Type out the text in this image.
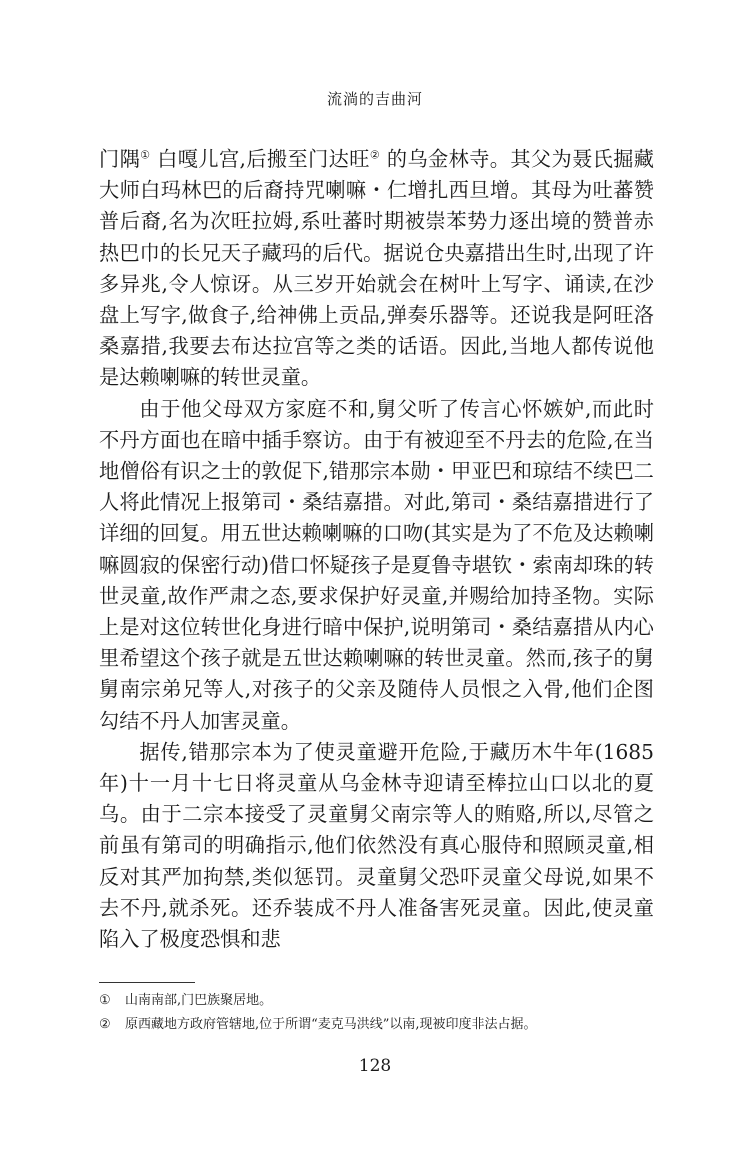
流淌的吉曲河

门隅① 白嘎儿宫,后搬至门达旺② 的乌金林寺。其父为聂氏掘藏大师白玛林巴的后裔持咒喇嘛・仁增扎西旦增。其母为吐蕃赞普后裔,名为次旺拉姆,系吐蕃时期被崇苯势力逐出境的赞普赤热巴巾的长兄天子藏玛的后代。据说仓央嘉措出生时,出现了许多异兆,令人惊讶。从三岁开始就会在树叶上写字、诵读,在沙盘上写字,做食子,给神佛上贡品,弹奏乐器等。还说我是阿旺洛桑嘉措,我要去布达拉宫等之类的话语。因此,当地人都传说他是达赖喇嘛的转世灵童。

由于他父母双方家庭不和,舅父听了传言心怀嫉妒,而此时不丹方面也在暗中插手察访。由于有被迎至不丹去的危险,在当地僧俗有识之士的敦促下,错那宗本勋・甲亚巴和琼结不续巴二人将此情况上报第司・桑结嘉措。对此,第司・桑结嘉措进行了详细的回复。用五世达赖喇嘛的口吻(其实是为了不危及达赖喇嘛圆寂的保密行动)借口怀疑孩子是夏鲁寺堪钦・索南却珠的转世灵童,故作严肃之态,要求保护好灵童,并赐给加持圣物。实际上是对这位转世化身进行暗中保护,说明第司・桑结嘉措从内心里希望这个孩子就是五世达赖喇嘛的转世灵童。然而,孩子的舅舅南宗弟兄等人,对孩子的父亲及随侍人员恨之入骨,他们企图勾结不丹人加害灵童。

据传,错那宗本为了使灵童避开危险,于藏历木牛年(1685 年)十一月十七日将灵童从乌金林寺迎请至棒拉山口以北的夏乌。由于二宗本接受了灵童舅父南宗等人的贿赂,所以,尽管之前虽有第司的明确指示,他们依然没有真心服侍和照顾灵童,相反对其严加拘禁,类似惩罚。灵童舅父恐吓灵童父母说,如果不去不丹,就杀死。还乔装成不丹人准备害死灵童。因此,使灵童陷入了极度恐惧和悲

①	山南南部,门巴族聚居地。
②	原西藏地方政府管辖地,位于所谓“麦克马洪线”以南,现被印度非法占据。
128
